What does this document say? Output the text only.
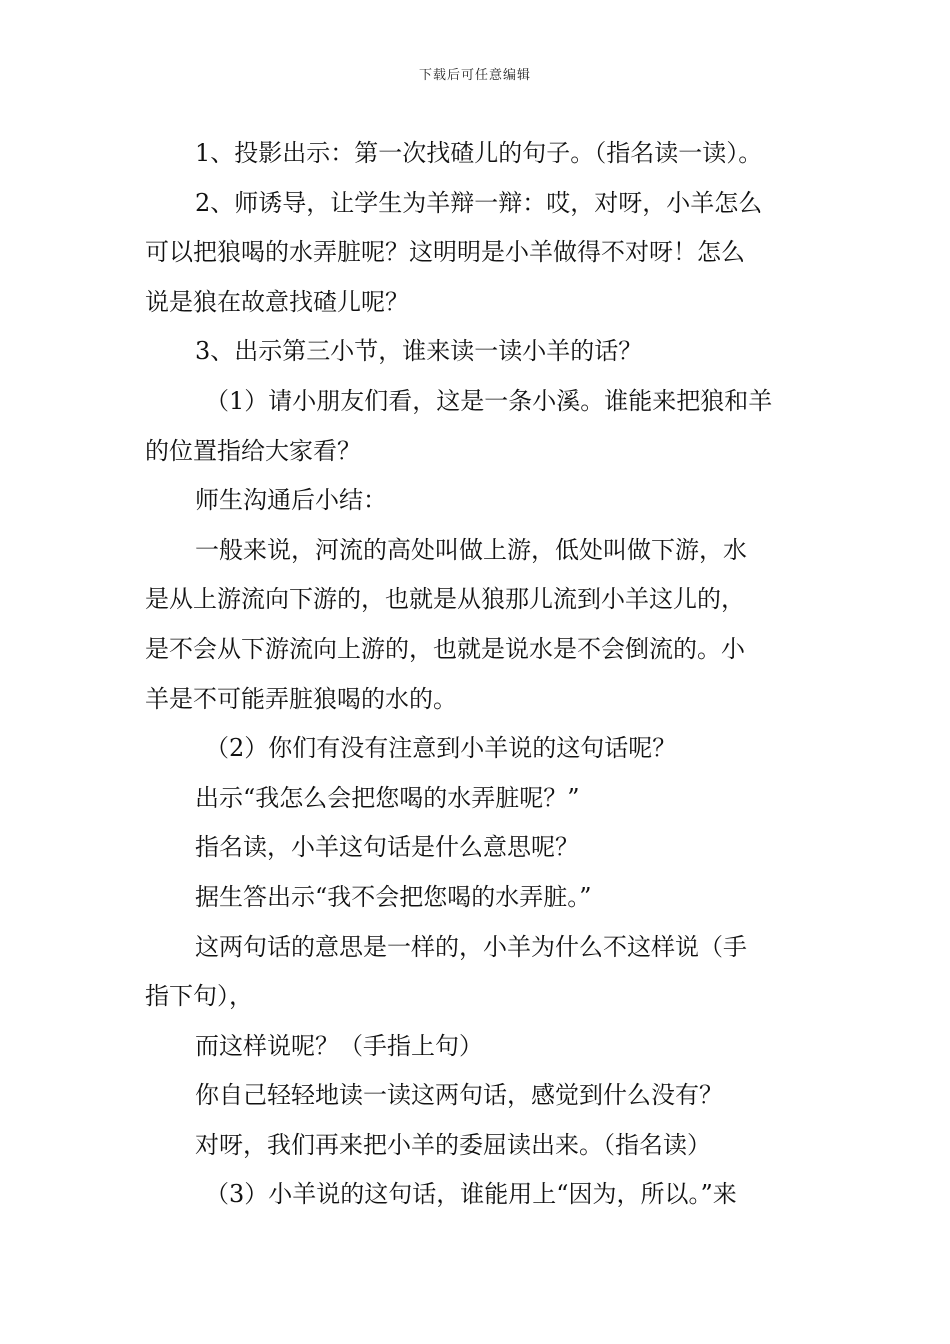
下载后可任意编辑

1、投影出示：第一次找碴儿的句子。（指名读一读）。

2、师诱导，让学生为羊辩一辩：哎，对呀，小羊怎么

可以把狼喝的水弄脏呢？这明明是小羊做得不对呀！怎么

说是狼在故意找碴儿呢？

3、出示第三小节，谁来读一读小羊的话？

（1）请小朋友们看，这是一条小溪。谁能来把狼和羊

的位置指给大家看？

师生沟通后小结：

一般来说，河流的高处叫做上游，低处叫做下游，水

是从上游流向下游的，也就是从狼那儿流到小羊这儿的，

是不会从下游流向上游的，也就是说水是不会倒流的。小

羊是不可能弄脏狼喝的水的。

（2）你们有没有注意到小羊说的这句话呢？

出示“我怎么会把您喝的水弄脏呢？”

指名读，小羊这句话是什么意思呢？

据生答出示“我不会把您喝的水弄脏。”

这两句话的意思是一样的，小羊为什么不这样说（手

指下句），

而这样说呢？（手指上句）

你自己轻轻地读一读这两句话，感觉到什么没有？

对呀，我们再来把小羊的委屈读出来。（指名读）

（3）小羊说的这句话，谁能用上“因为，所以。”来
